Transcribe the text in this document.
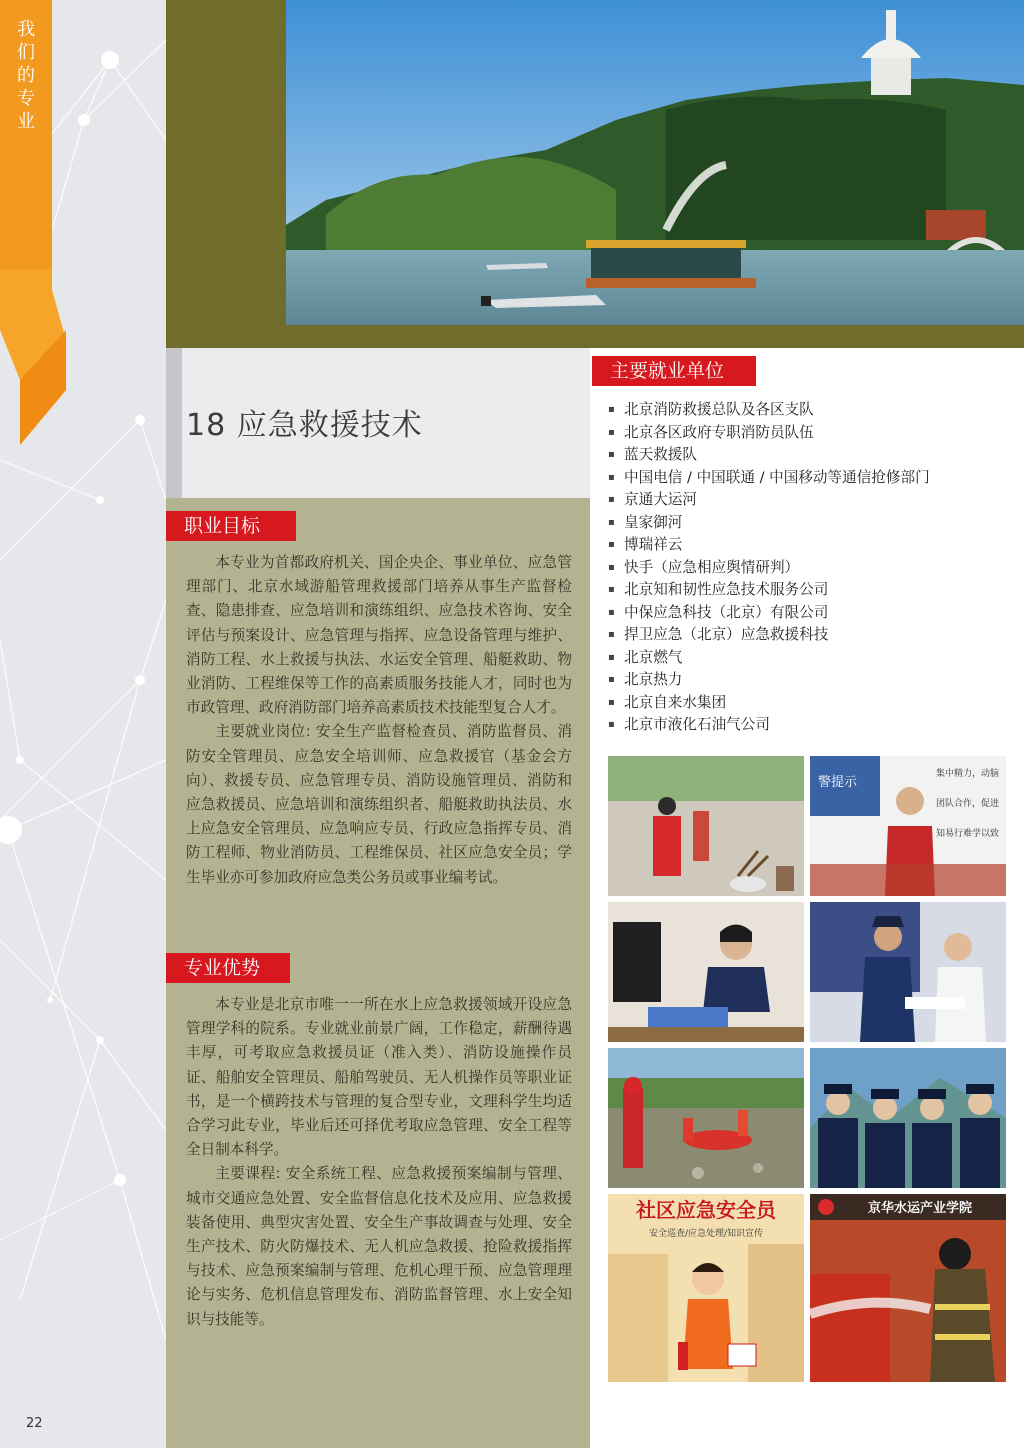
我们的专业
22
18 应急救援技术
职业目标

本专业为首都政府机关、国企央企、事业单位、应急管理部门、北京水域游船管理救援部门培养从事生产监督检查、隐患排查、应急培训和演练组织、应急技术咨询、安全评估与预案设计、应急管理与指挥、应急设备管理与维护、消防工程、水上救援与执法、水运安全管理、船艇救助、物业消防、工程维保等工作的高素质服务技能人才，同时也为市政管理、政府消防部门培养高素质技术技能型复合人才。

主要就业岗位: 安全生产监督检查员、消防监督员、消防安全管理员、应急安全培训师、应急救援官（基金会方向）、救援专员、应急管理专员、消防设施管理员、消防和应急救援员、应急培训和演练组织者、船艇救助执法员、水上应急安全管理员、应急响应专员、行政应急指挥专员、消防工程师、物业消防员、工程维保员、社区应急安全员；学生毕业亦可参加政府应急类公务员或事业编考试。

专业优势

本专业是北京市唯一一所在水上应急救援领域开设应急管理学科的院系。专业就业前景广阔，工作稳定，薪酬待遇丰厚，可考取应急救援员证（准入类）、消防设施操作员证、船舶安全管理员、船舶驾驶员、无人机操作员等职业证书，是一个横跨技术与管理的复合型专业，文理科学生均适合学习此专业，毕业后还可择优考取应急管理、安全工程等全日制本科学。

主要课程: 安全系统工程、应急救援预案编制与管理、城市交通应急处置、安全监督信息化技术及应用、应急救援装备使用、典型灾害处置、安全生产事故调查与处理、安全生产技术、防火防爆技术、无人机应急救援、抢险救援指挥与技术、应急预案编制与管理、危机心理干预、应急管理理论与实务、危机信息管理发布、消防监督管理、水上安全知识与技能等。

主要就业单位
▪ 北京消防救援总队及各区支队
▪ 北京各区政府专职消防员队伍
▪ 蓝天救援队
▪ 中国电信 / 中国联通 / 中国移动等通信抢修部门
▪ 京通大运河
▪ 皇家御河
▪ 博瑞祥云
▪ 快手（应急相应舆情研判）
▪ 北京知和韧性应急技术服务公司
▪ 中保应急科技（北京）有限公司
▪ 捍卫应急（北京）应急救援科技
▪ 北京燃气
▪ 北京热力
▪ 北京自来水集团
▪ 北京市液化石油气公司
警提示
集中精力，动脑
团队合作，促进
知易行难学以致
社区应急安全员
安全巡查/应急处理/知识宣传
京华水运产业学院
